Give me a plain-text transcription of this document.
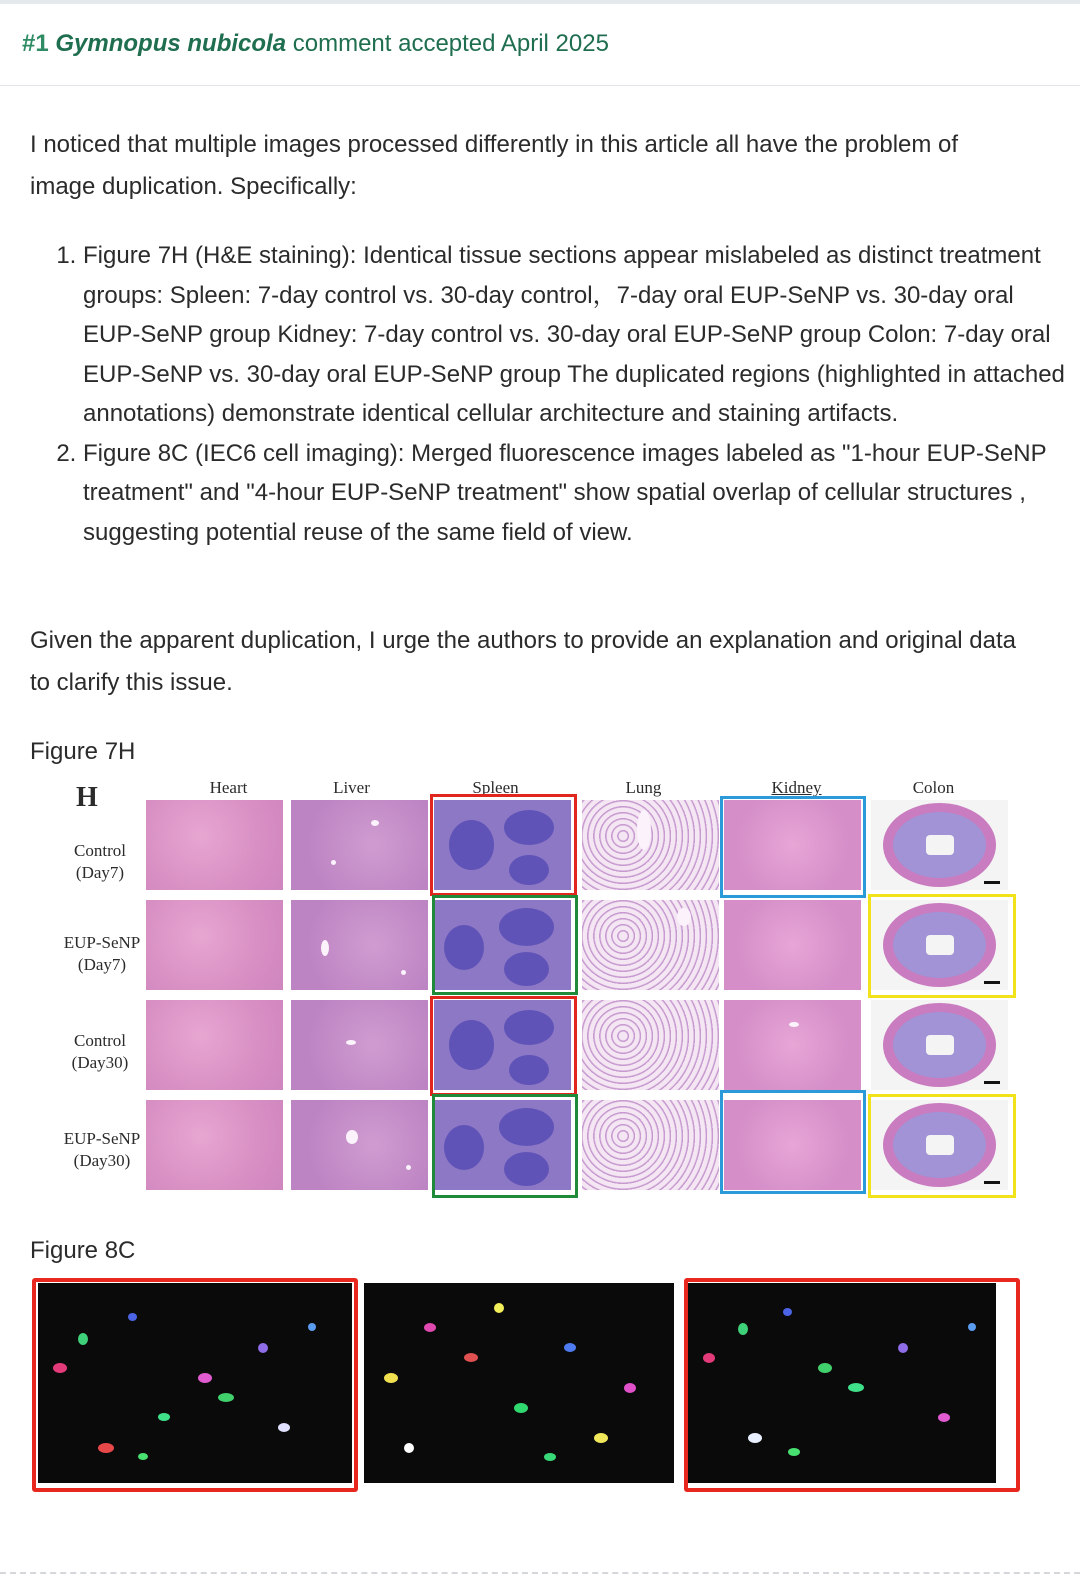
#1 Gymnopus nubicola comment accepted April 2025

I noticed that multiple images processed differently in this article all have the problem of image duplication. Specifically:

1. Figure 7H (H&E staining): Identical tissue sections appear mislabeled as distinct treatment groups: Spleen: 7-day control vs. 30-day control，7-day oral EUP-SeNP vs. 30-day oral EUP-SeNP group Kidney: 7-day control vs. 30-day oral EUP-SeNP group Colon: 7-day oral EUP-SeNP vs. 30-day oral EUP-SeNP group The duplicated regions (highlighted in attached annotations) demonstrate identical cellular architecture and staining artifacts.
2. Figure 8C (IEC6 cell imaging): Merged fluorescence images labeled as "1-hour EUP-SeNP treatment" and "4-hour EUP-SeNP treatment" show spatial overlap of cellular structures , suggesting potential reuse of the same field of view.

Given the apparent duplication, I urge the authors to provide an explanation and original data to clarify this issue.

Figure 7H
H	Heart	Liver	Spleen	Lung	Kidney	Colon
Control
(Day7)
EUP-SeNP
(Day7)
Control
(Day30)
EUP-SeNP
(Day30)
Figure 8C
